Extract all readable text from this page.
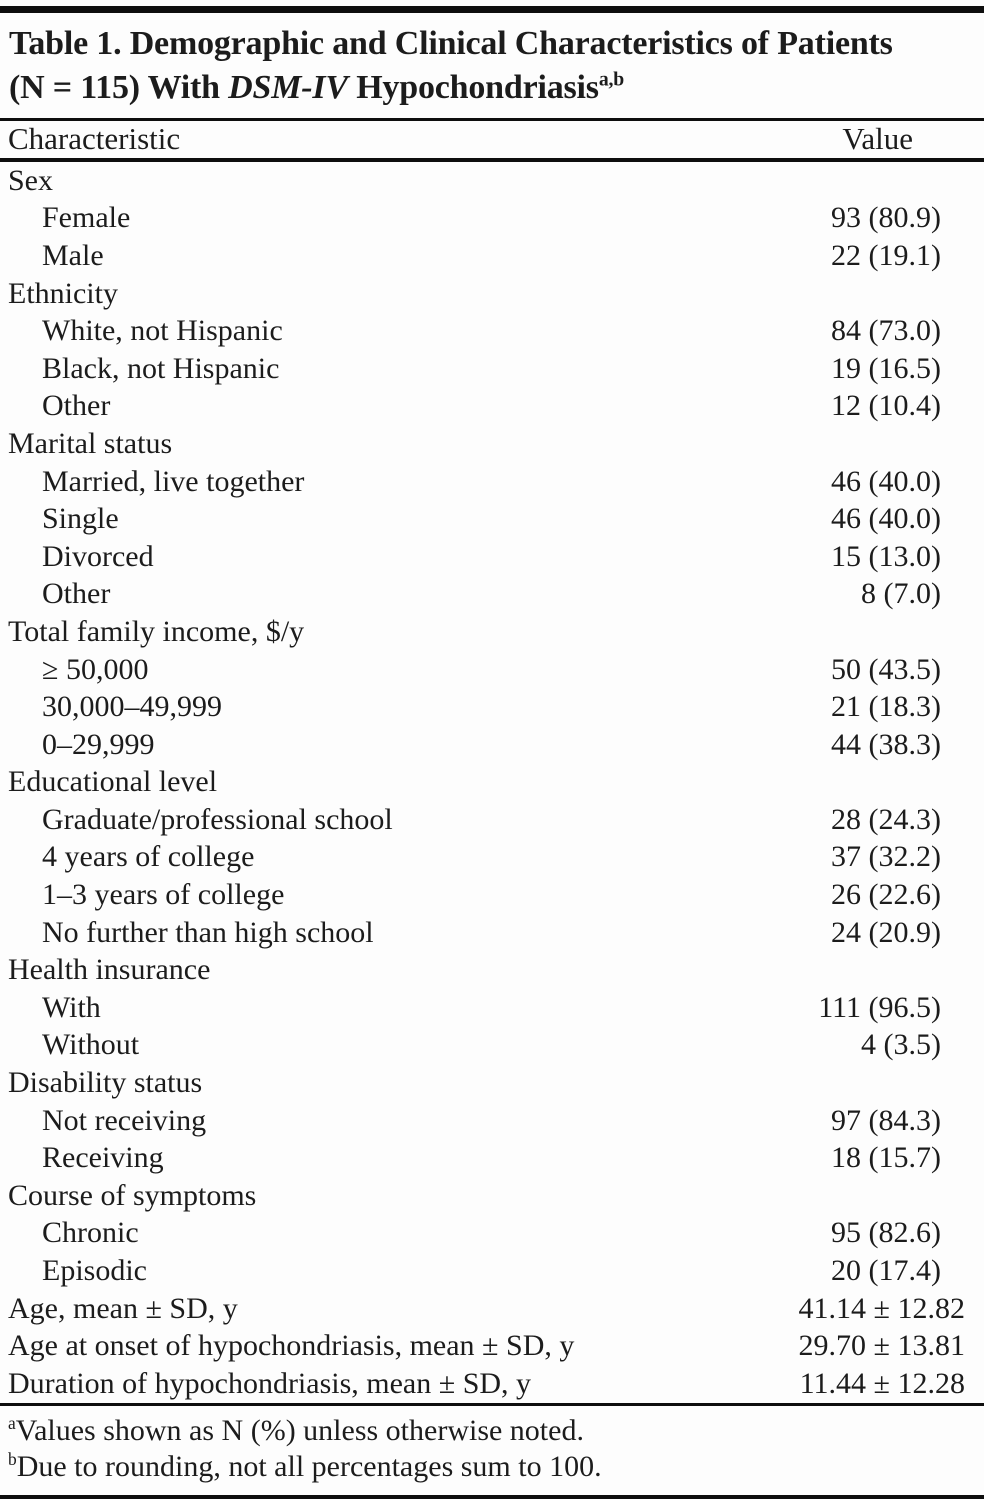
Table 1. Demographic and Clinical Characteristics of Patients
(N = 115) With DSM-IV Hypochondriasis$^{a,b}$
Characteristic	Value
Sex
Female	93 (80.9)
Male	22 (19.1)
Ethnicity
White, not Hispanic	84 (73.0)
Black, not Hispanic	19 (16.5)
Other	12 (10.4)
Marital status
Married, live together	46 (40.0)
Single	46 (40.0)
Divorced	15 (13.0)
Other	8 (7.0)
Total family income, $/y
≥ 50,000	50 (43.5)
30,000–49,999	21 (18.3)
0–29,999	44 (38.3)
Educational level
Graduate/professional school	28 (24.3)
4 years of college	37 (32.2)
1–3 years of college	26 (22.6)
No further than high school	24 (20.9)
Health insurance
With	111 (96.5)
Without	4 (3.5)
Disability status
Not receiving	97 (84.3)
Receiving	18 (15.7)
Course of symptoms
Chronic	95 (82.6)
Episodic	20 (17.4)
Age, mean ± SD, y	41.14 ± 12.82
Age at onset of hypochondriasis, mean ± SD, y	29.70 ± 13.81
Duration of hypochondriasis, mean ± SD, y	11.44 ± 12.28
$^a$Values shown as N (%) unless otherwise noted.
$^b$Due to rounding, not all percentages sum to 100.
